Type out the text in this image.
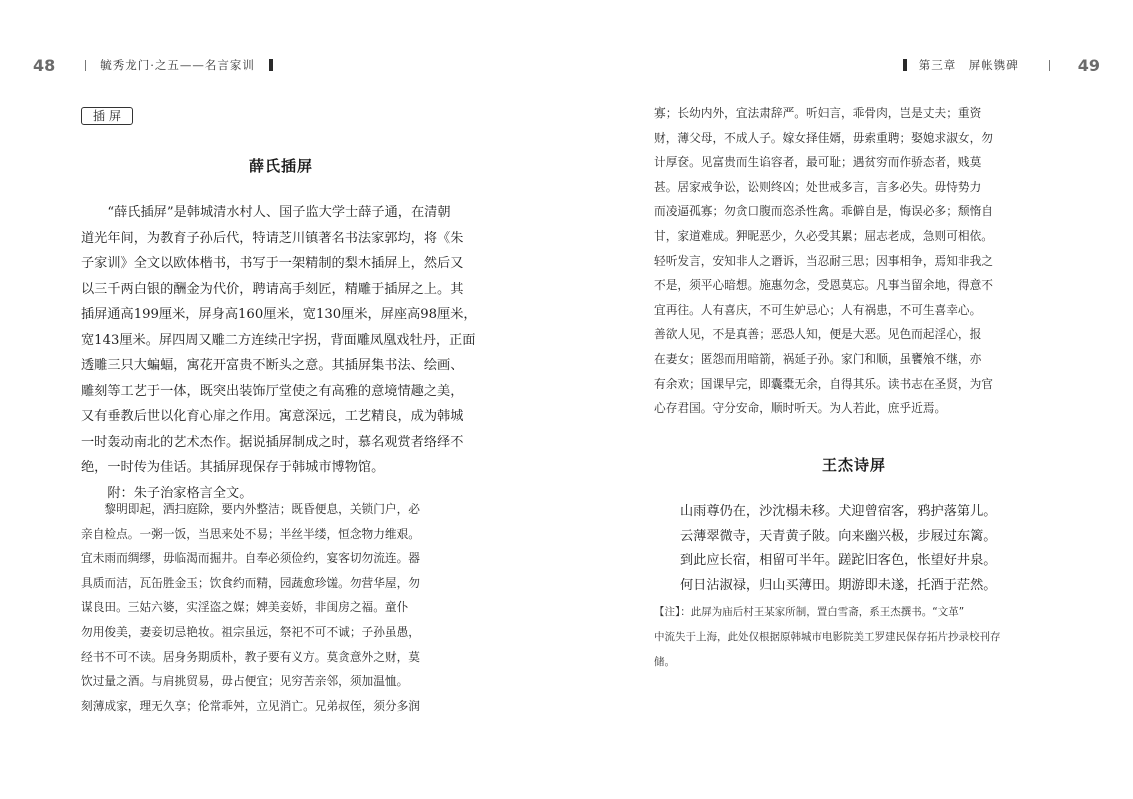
48	毓秀龙门·之五——名言家训
插屏
薛氏插屏
　　“薛氏插屏”是韩城清水村人、国子监大学士薛子通，在清朝
道光年间，为教育子孙后代，特请芝川镇著名书法家郭均，将《朱
子家训》全文以欧体楷书，书写于一架精制的梨木插屏上，然后又
以三千两白银的酬金为代价，聘请高手刻匠，精雕于插屏之上。其
插屏通高199厘米，屏身高160厘米，宽130厘米，屏座高98厘米，
宽143厘米。屏四周又雕二方连续卍字拐，背面雕凤凰戏牡丹，正面
透雕三只大蝙蝠，寓花开富贵不断头之意。其插屏集书法、绘画、
雕刻等工艺于一体，既突出装饰厅堂使之有高雅的意境情趣之美，
又有垂教后世以化育心扉之作用。寓意深远，工艺精良，成为韩城
一时轰动南北的艺术杰作。据说插屏制成之时，慕名观赏者络绎不
绝，一时传为佳话。其插屏现保存于韩城市博物馆。
　　附：朱子治家格言全文。
　　黎明即起，洒扫庭除，要内外整洁；既昏便息，关锁门户，必
亲自检点。一粥一饭，当思来处不易；半丝半缕，恒念物力维艰。
宜未雨而绸缪，毋临渴而掘井。自奉必须俭约，宴客切勿流连。器
具质而洁，瓦缶胜金玉；饮食约而精，园蔬愈珍馐。勿营华屋，勿
谋良田。三姑六婆，实淫盗之媒；婢美妾娇，非闺房之福。童仆
勿用俊美，妻妾切忌艳妆。祖宗虽远，祭祀不可不诚；子孙虽愚，
经书不可不读。居身务期质朴，教子要有义方。莫贪意外之财，莫
饮过量之酒。与肩挑贸易，毋占便宜；见穷苦亲邻，须加温恤。
刻薄成家，理无久享；伦常乖舛，立见消亡。兄弟叔侄，须分多润
第三章　屏帐镌碑	49
寡；长幼内外，宜法肃辞严。听妇言，乖骨肉，岂是丈夫；重资
财，薄父母，不成人子。嫁女择佳婿，毋索重聘；娶媳求淑女，勿
计厚奁。见富贵而生谄容者，最可耻；遇贫穷而作骄态者，贱莫
甚。居家戒争讼，讼则终凶；处世戒多言，言多必失。毋恃势力
而凌逼孤寡；勿贪口腹而恣杀性禽。乖僻自是，悔误必多；颓惰自
甘，家道难成。狎昵恶少，久必受其累；屈志老成，急则可相依。
轻听发言，安知非人之谮诉，当忍耐三思；因事相争，焉知非我之
不是，须平心暗想。施惠勿念，受恩莫忘。凡事当留余地，得意不
宜再往。人有喜庆，不可生妒忌心；人有祸患，不可生喜幸心。
善欲人见，不是真善；恶恐人知，便是大恶。见色而起淫心，报
在妻女；匿怨而用暗箭，祸延子孙。家门和顺，虽饔飧不继，亦
有余欢；国课早完，即囊橐无余，自得其乐。读书志在圣贤，为官
心存君国。守分安命，顺时听天。为人若此，庶乎近焉。
王杰诗屏
山雨尊仍在，沙沈榻未移。犬迎曾宿客，鸦护落第儿。
云薄翠微寺，天青黄子陂。向来幽兴极，步屐过东篱。
到此应长宿，相留可半年。蹉跎旧客色，怅望好井泉。
何日沾淑禄，归山买薄田。期游即未遂，托酒于茫然。
【注】：此屏为庙后村王某家所制，置白雪斋，系王杰撰书。“文革”
中流失于上海，此处仅根据原韩城市电影院美工罗建民保存拓片抄录校刊存
储。
